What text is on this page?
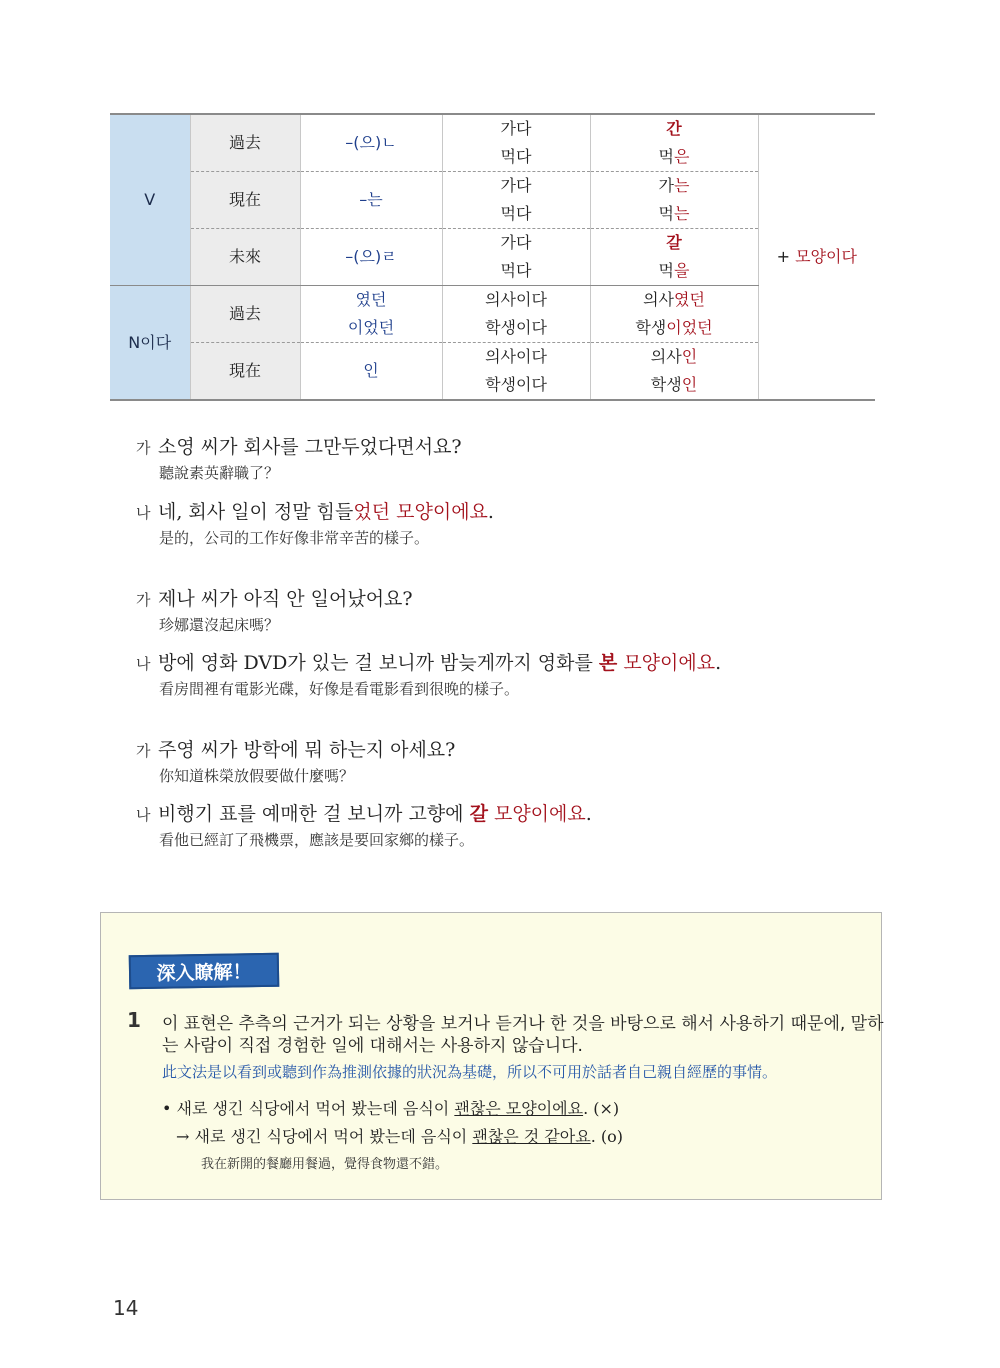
V	過去	–(으)ㄴ	가다	간	+ 모양이다
			먹다	먹은	
	現在	–는	가다	가는	
			먹다	먹는	
	未來	–(으)ㄹ	가다	갈	
			먹다	먹을	
N이다	過去	였던	의사이다	의사였던	
		이었던	학생이다	학생이었던	
	現在	인	의사이다	의사인	
			학생이다	학생인	
가 소영 씨가 회사를 그만두었다면서요?
聽說素英辭職了？
나 네, 회사 일이 정말 힘들었던 모양이에요.
是的，公司的工作好像非常辛苦的樣子。
가 제나 씨가 아직 안 일어났어요?
珍娜還沒起床嗎？
나 방에 영화 DVD가 있는 걸 보니까 밤늦게까지 영화를 본 모양이에요.
看房間裡有電影光碟，好像是看電影看到很晚的樣子。
가 주영 씨가 방학에 뭐 하는지 아세요?
你知道株榮放假要做什麼嗎？
나 비행기 표를 예매한 걸 보니까 고향에 갈 모양이에요.
看他已經訂了飛機票，應該是要回家鄉的樣子。
深入瞭解！
1 이 표현은 추측의 근거가 되는 상황을 보거나 듣거나 한 것을 바탕으로 해서 사용하기 때문에, 말하
는 사람이 직접 경험한 일에 대해서는 사용하지 않습니다.
此文法是以看到或聽到作為推測依據的狀況為基礎，所以不可用於話者自己親自經歷的事情。
• 새로 생긴 식당에서 먹어 봤는데 음식이 괜찮은 모양이에요. (×)
→ 새로 생긴 식당에서 먹어 봤는데 음식이 괜찮은 것 같아요. (o)
我在新開的餐廳用餐過，覺得食物還不錯。
14
